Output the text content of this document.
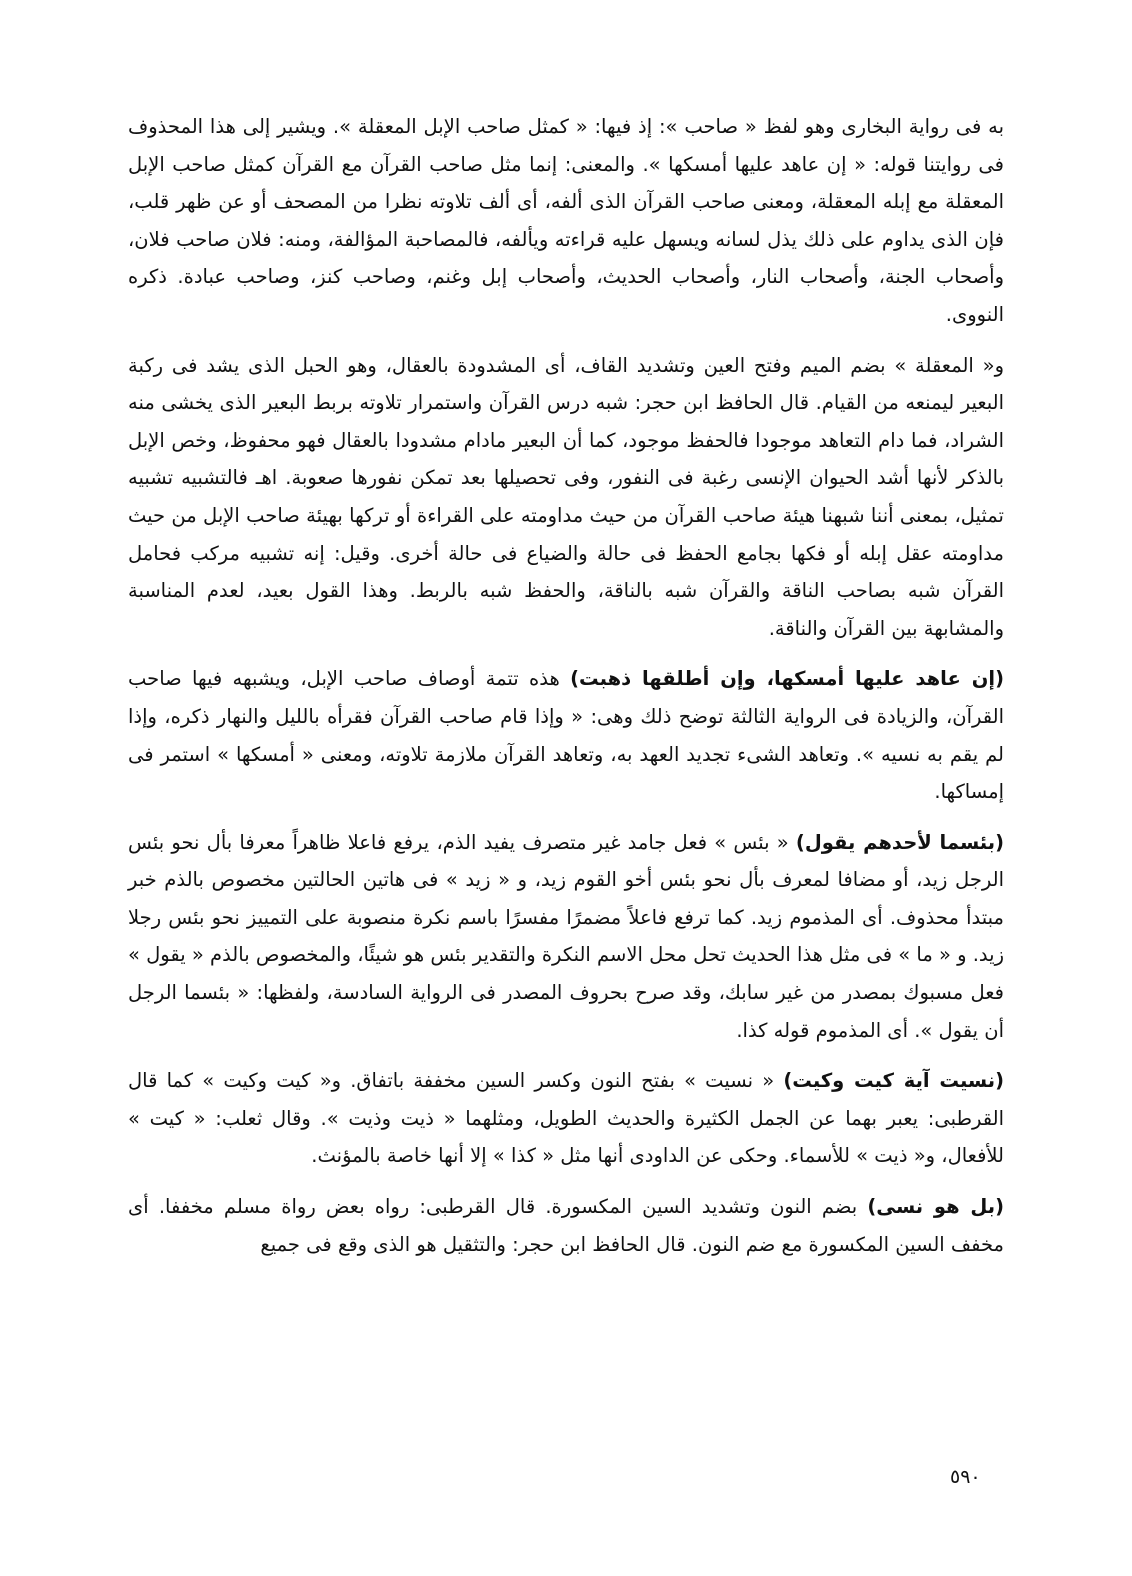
به فى رواية البخارى وهو لفظ « صاحب »: إذ فيها: « كمثل صاحب الإبل المعقلة ». ويشير إلى هذا المحذوف فى روايتنا قوله: « إن عاهد عليها أمسكها ». والمعنى: إنما مثل صاحب القرآن مع القرآن كمثل صاحب الإبل المعقلة مع إبله المعقلة، ومعنى صاحب القرآن الذى ألفه، أى ألف تلاوته نظرا من المصحف أو عن ظهر قلب، فإن الذى يداوم على ذلك يذل لسانه ويسهل عليه قراءته ويألفه، فالمصاحبة المؤالفة، ومنه: فلان صاحب فلان، وأصحاب الجنة، وأصحاب النار، وأصحاب الحديث، وأصحاب إبل وغنم، وصاحب كنز، وصاحب عبادة. ذكره النووى.

و« المعقلة » بضم الميم وفتح العين وتشديد القاف، أى المشدودة بالعقال، وهو الحبل الذى يشد فى ركبة البعير ليمنعه من القيام. قال الحافظ ابن حجر: شبه درس القرآن واستمرار تلاوته بربط البعير الذى يخشى منه الشراد، فما دام التعاهد موجودا فالحفظ موجود، كما أن البعير مادام مشدودا بالعقال فهو محفوظ، وخص الإبل بالذكر لأنها أشد الحيوان الإنسى رغبة فى النفور، وفى تحصيلها بعد تمكن نفورها صعوبة. اهـ فالتشبيه تشبيه تمثيل، بمعنى أننا شبهنا هيئة صاحب القرآن من حيث مداومته على القراءة أو تركها بهيئة صاحب الإبل من حيث مداومته عقل إبله أو فكها بجامع الحفظ فى حالة والضياع فى حالة أخرى. وقيل: إنه تشبيه مركب فحامل القرآن شبه بصاحب الناقة والقرآن شبه بالناقة، والحفظ شبه بالربط. وهذا القول بعيد، لعدم المناسبة والمشابهة بين القرآن والناقة.

(إن عاهد عليها أمسكها، وإن أطلقها ذهبت) هذه تتمة أوصاف صاحب الإبل، ويشبهه فيها صاحب القرآن، والزيادة فى الرواية الثالثة توضح ذلك وهى: « وإذا قام صاحب القرآن فقرأه بالليل والنهار ذكره، وإذا لم يقم به نسيه ». وتعاهد الشىء تجديد العهد به، وتعاهد القرآن ملازمة تلاوته، ومعنى « أمسكها » استمر فى إمساكها.

(بئسما لأحدهم يقول) « بئس » فعل جامد غير متصرف يفيد الذم، يرفع فاعلا ظاهراً معرفا بأل نحو بئس الرجل زيد، أو مضافا لمعرف بأل نحو بئس أخو القوم زيد، و « زيد » فى هاتين الحالتين مخصوص بالذم خبر مبتدأ محذوف. أى المذموم زيد. كما ترفع فاعلاً مضمرًا مفسرًا باسم نكرة منصوبة على التمييز نحو بئس رجلا زيد. و « ما » فى مثل هذا الحديث تحل محل الاسم النكرة والتقدير بئس هو شيئًا، والمخصوص بالذم « يقول » فعل مسبوك بمصدر من غير سابك، وقد صرح بحروف المصدر فى الرواية السادسة، ولفظها: « بئسما الرجل أن يقول ». أى المذموم قوله كذا.

(نسيت آية كيت وكيت) « نسيت » بفتح النون وكسر السين مخففة باتفاق. و« كيت وكيت » كما قال القرطبى: يعبر بهما عن الجمل الكثيرة والحديث الطويل، ومثلهما « ذيت وذيت ». وقال ثعلب: « كيت » للأفعال، و« ذيت » للأسماء. وحكى عن الداودى أنها مثل « كذا » إلا أنها خاصة بالمؤنث.

(بل هو نسى) بضم النون وتشديد السين المكسورة. قال القرطبى: رواه بعض رواة مسلم مخففا. أى مخفف السين المكسورة مع ضم النون. قال الحافظ ابن حجر: والتثقيل هو الذى وقع فى جميع

٥٩٠
